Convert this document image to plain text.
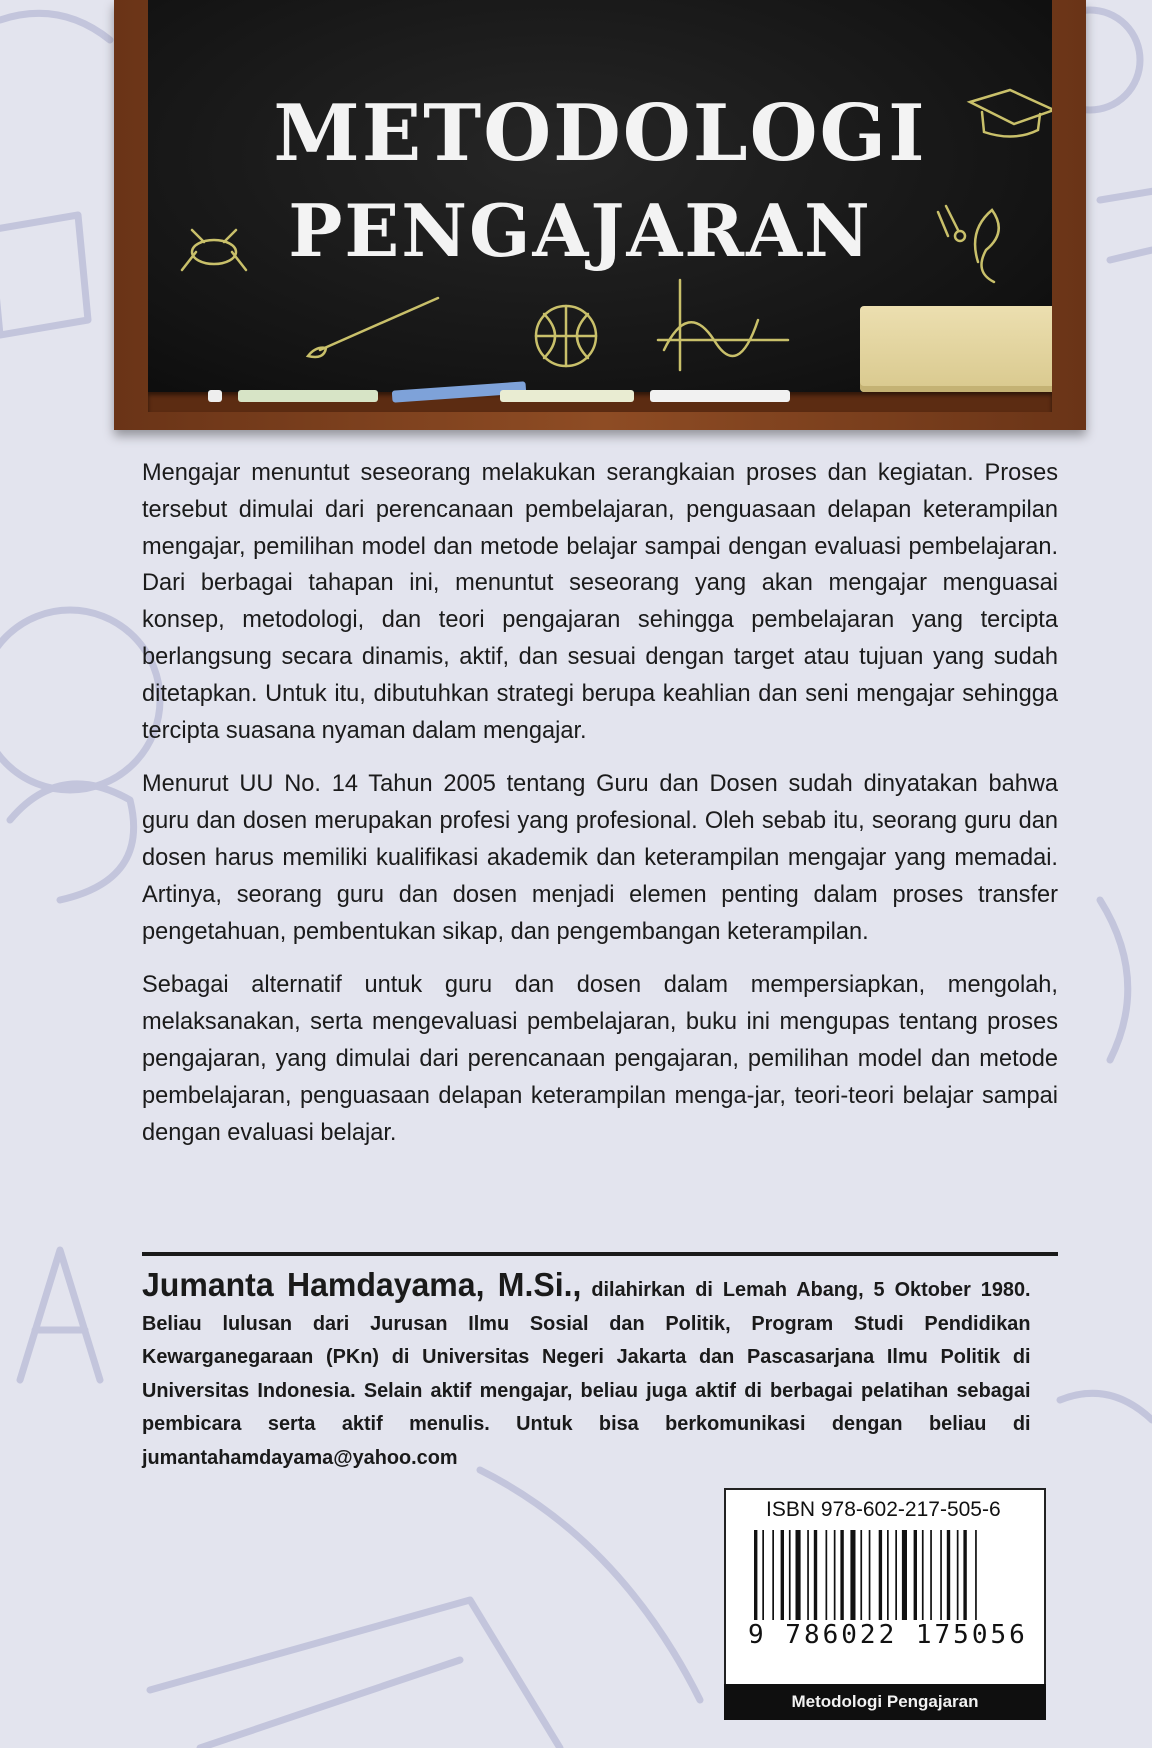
METODOLOGI
PENGAJARAN

Mengajar menuntut seseorang melakukan serangkaian proses dan kegiatan. Proses tersebut dimulai dari perencanaan pembelajaran, penguasaan delapan keterampilan mengajar, pemilihan model dan metode belajar sampai dengan evaluasi pembelajaran. Dari berbagai tahapan ini, menuntut seseorang yang akan mengajar menguasai konsep, metodologi, dan teori pengajaran sehingga pembelajaran yang tercipta berlangsung secara dinamis, aktif, dan sesuai dengan target atau tujuan yang sudah ditetapkan. Untuk itu, dibutuhkan strategi berupa keahlian dan seni mengajar sehingga tercipta suasana nyaman dalam mengajar.

Menurut UU No. 14 Tahun 2005 tentang Guru dan Dosen sudah dinyatakan bahwa guru dan dosen merupakan profesi yang profesional. Oleh sebab itu, seorang guru dan dosen harus memiliki kualifikasi akademik dan keterampilan mengajar yang memadai. Artinya, seorang guru dan dosen menjadi elemen penting dalam proses transfer pengetahuan, pembentukan sikap, dan pengembangan keterampilan.

Sebagai alternatif untuk guru dan dosen dalam mempersiapkan, mengolah, melaksanakan, serta mengevaluasi pembelajaran, buku ini mengupas tentang proses pengajaran, yang dimulai dari perencanaan pengajaran, pemilihan model dan metode pembelajaran, penguasaan delapan keterampilan menga-jar, teori-teori belajar sampai dengan evaluasi belajar.

Jumanta Hamdayama, M.Si., dilahirkan di Lemah Abang, 5 Oktober 1980. Beliau lulusan dari Jurusan Ilmu Sosial dan Politik, Program Studi Pendidikan Kewarganegaraan (PKn) di Universitas Negeri Jakarta dan Pascasarjana Ilmu Politik di Universitas Indonesia. Selain aktif mengajar, beliau juga aktif di berbagai pelatihan sebagai pembicara serta aktif menulis. Untuk bisa berkomunikasi dengan beliau di jumantahamdayama@yahoo.com
ISBN 978-602-217-505-6
9 786022 175056
Metodologi Pengajaran
